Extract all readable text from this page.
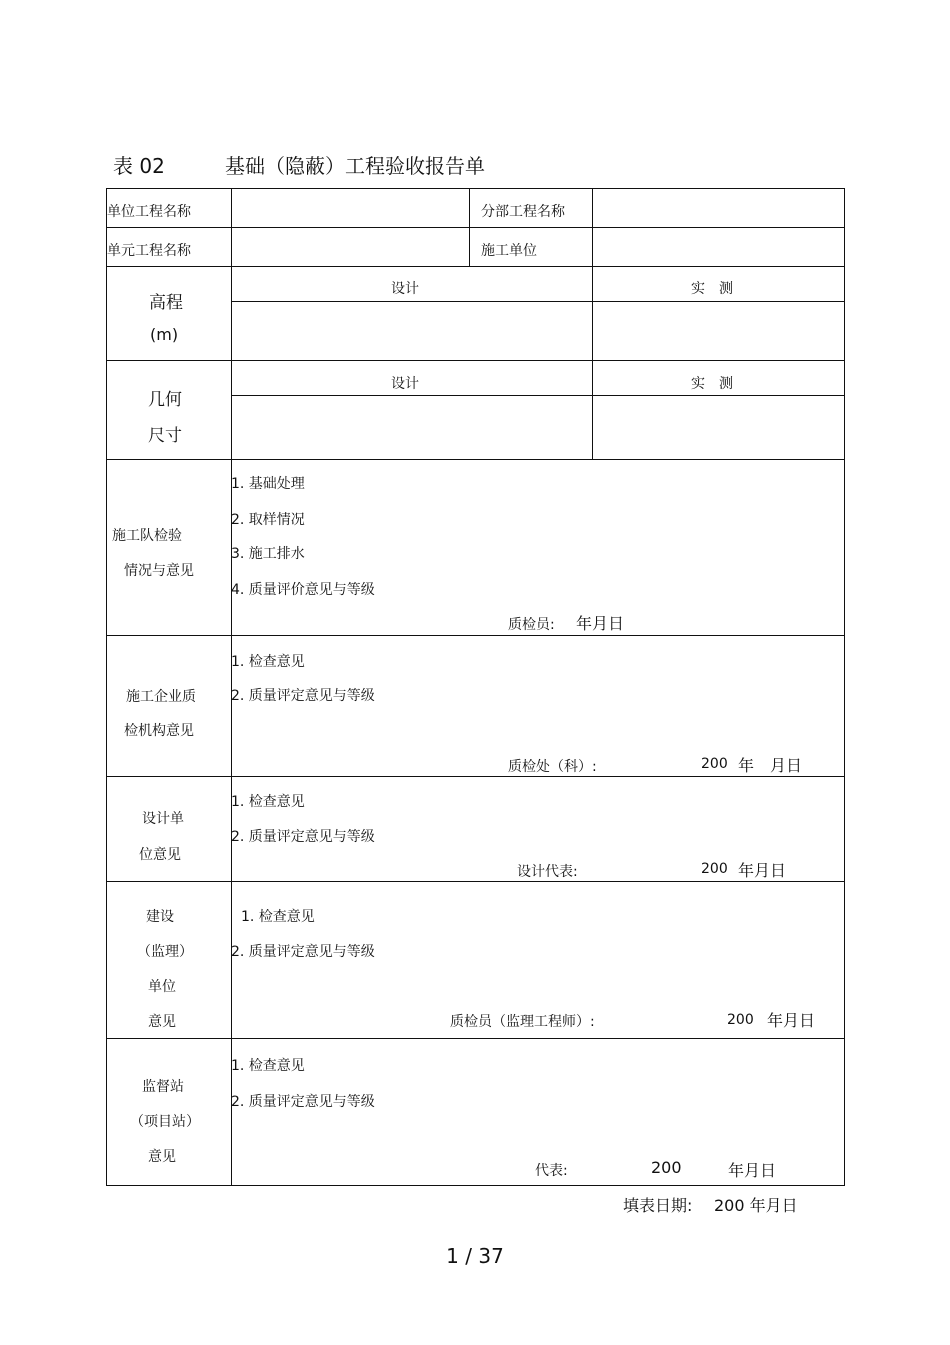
表 02	基础（隐蔽）工程验收报告单
单位工程名称	分部工程名称
单元工程名称	施工单位
高程
(m)
设计	实　测
几何
尺寸
设计	实　测
施工队检验
情况与意见
1. 基础处理
2. 取样情况
3. 施工排水
4. 质量评价意见与等级
质检员: 年月日
施工企业质
检机构意见
1. 检查意见
2. 质量评定意见与等级
质检处（科）:	200 年 月日
设计单
位意见
1. 检查意见
2. 质量评定意见与等级
设计代表:	200 年月日
建设
（监理）
单位
意见
1. 检查意见
2. 质量评定意见与等级
质检员（监理工程师）:	200 年月日
监督站
（项目站）
意见
1. 检查意见
2. 质量评定意见与等级
代表:	200	年月日
填表日期: 200 年月日
1 / 37
